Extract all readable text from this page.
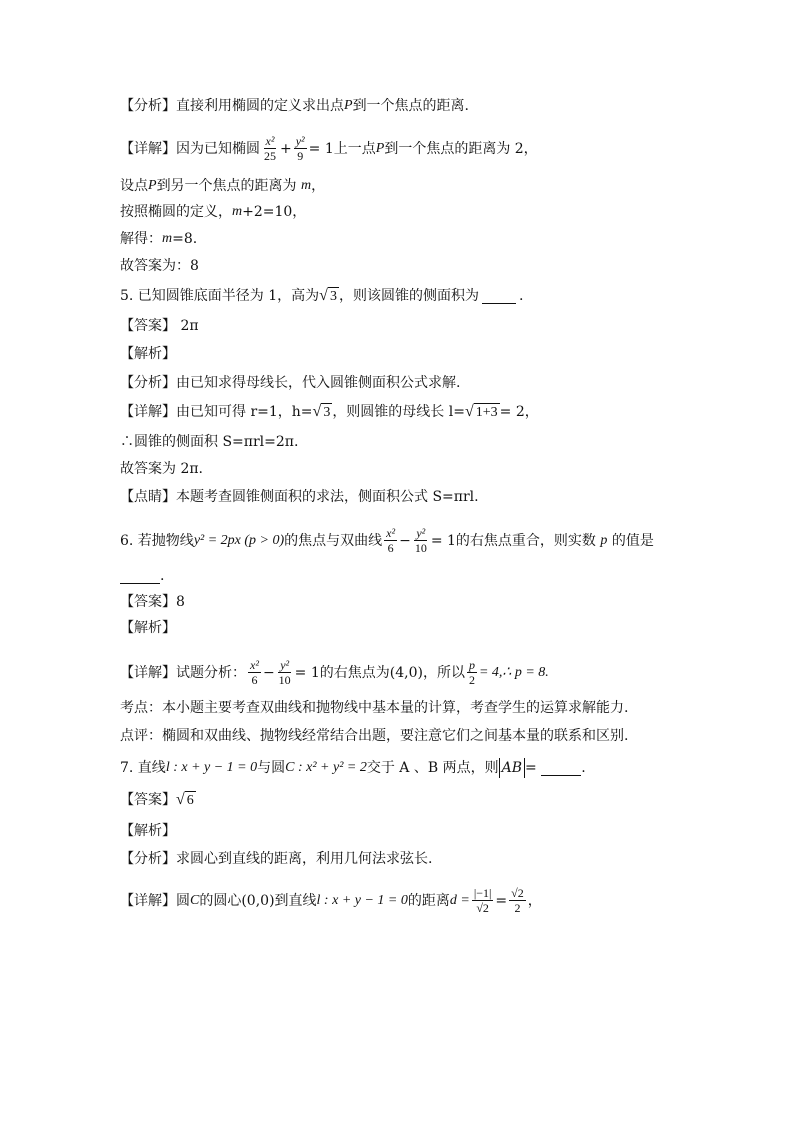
【分析】 直接利用椭圆的定义求出点 P 到一个焦点的距离.
【详解】 因为已知椭圆 $\frac{\text{x²}}{25} + \frac{\text{y²}}{9} = 1$ 上一点 P 到一个焦点的距离为 2，
设点 P 到另一个焦点的距离为
m ，
按照椭圆的定义， m +2=10，
解得： m =8.
故答案为：8
5. 已知圆锥底面半径为 1，高为 √ 3 ，则该圆锥的侧面积为	.
【答案】
2π
【解析】
【分析】 由已知求得母线长，代入圆锥侧面积公式求解.
【详解】 由已知可得 r=1，h= √ 3 ，则圆锥的母线长 l= √ 1+3 = 2，
∴圆锥的侧面积 S=πrl=2π.
故答案为 2π.
【点睛】 本题考查圆锥侧面积的求法，侧面积公式 S=πrl.
6. 若抛物线 y² = 2px (p > 0) 的焦点与双曲线 $\frac{\text{x²}}{6} - \frac{\text{y²}}{10} = 1$ 的右焦点重合，则实数
p
的值是
.
【答案】 8
【解析】
【详解】 试题分析： $\frac{\text{x²}}{6} - \frac{\text{y²}}{10} = 1$ 的右焦点为 (4,0) ，所以 $\frac{p}{2}$ = 4,∴ p = 8.
考点：本小题主要考查双曲线和抛物线中基本量的计算，考查学生的运算求解能力.
点评：椭圆和双曲线、抛物线经常结合出题，要注意它们之间基本量的联系和区别.
7. 直线 l : x + y − 1 = 0 与圆 C : x² + y² = 2 交于 A 、B 两点，则 AB =
	.
【答案】 √ 6
【解析】
【分析】 求圆心到直线的距离，利用几何法求弦长.
【详解】 圆 C 的圆心 (0,0) 到直线 l : x + y − 1 = 0 的距离 $d = \frac{|-1|}{√2} = \frac{√2}{2}$ ，
